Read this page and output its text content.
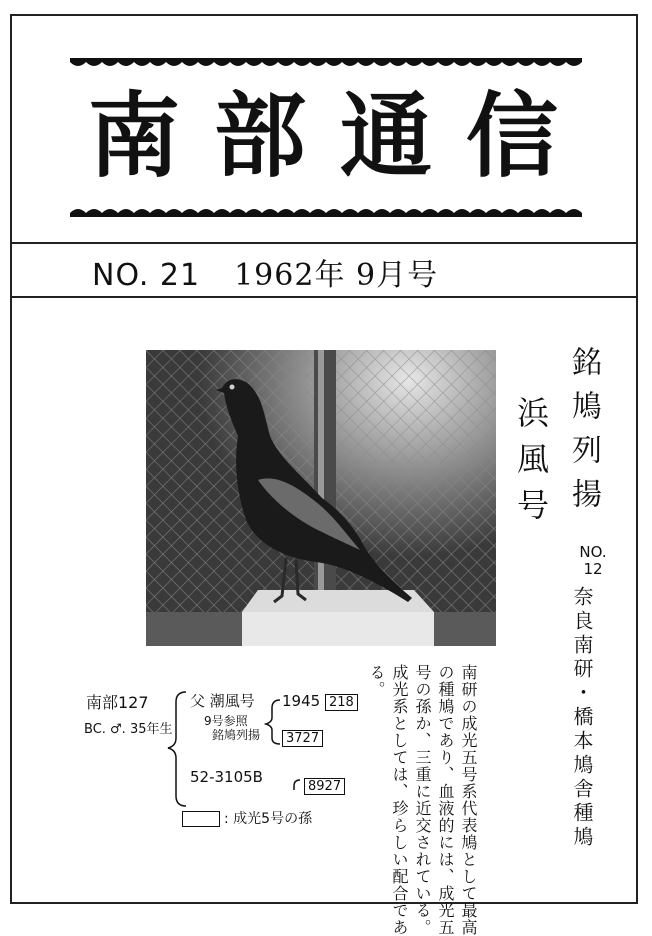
南部通信
NO. 21 1962年 9月号
銘鳩列揚
浜風号
NO. 12
奈良南研・橋本鳩舎種鳩
南研の成光五号系代表鳩として最高
の種鳩であり、血液的には、成光五
号の孫か、三重に近交されている。
成光系としては、珍らしい配合であ
る。
南部127
BC. ♂. 35年生
父 潮風号
9号参照
銘鳩列揚
1945 218
3727
52-3105B
8927
: 成光5号の孫
